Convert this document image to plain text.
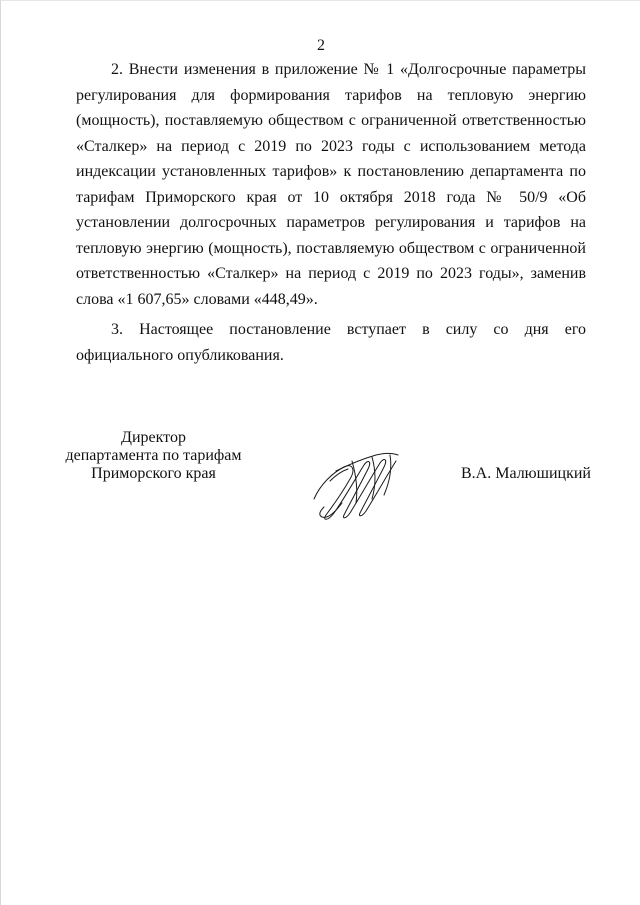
2

2. Внести изменения в приложение № 1 «Долгосрочные параметры регулирования для формирования тарифов на тепловую энергию (мощность), поставляемую обществом с ограниченной ответственностью «Сталкер» на период с 2019 по 2023 годы с использованием метода индексации установленных тарифов» к постановлению департамента по тарифам Приморского края от 10 октября 2018 года № 50/9 «Об установлении долгосрочных параметров регулирования и тарифов на тепловую энергию (мощность), поставляемую обществом с ограниченной ответственностью «Сталкер» на период с 2019 по 2023 годы», заменив слова «1 607,65» словами «448,49».

3. Настоящее постановление вступает в силу со дня его официального опубликования.

Директор
департамента по тарифам
Приморского края	В.А. Малюшицкий
